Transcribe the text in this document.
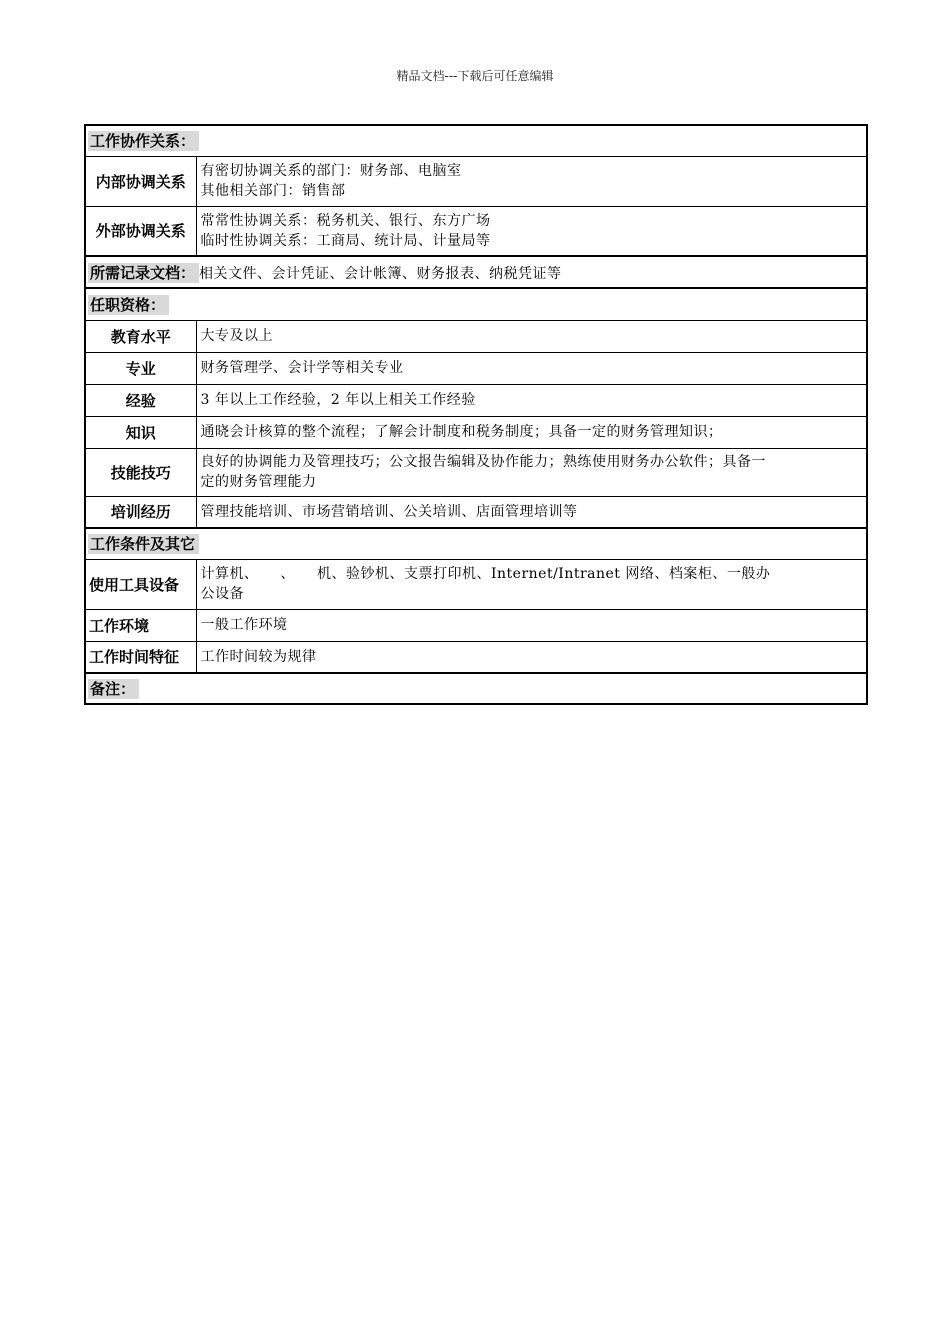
精品文档---下载后可任意编辑
工作协作关系：	
内部协调关系	有密切协调关系的部门：财务部、电脑室
其他相关部门：销售部

外部协调关系	常常性协调关系：税务机关、银行、东方广场
临时性协调关系：工商局、统计局、计量局等

所需记录文档： 相关文件、会计凭证、会计帐簿、财务报表、纳税凭证等	
任职资格：	
教育水平	大专及以上
专业	财务管理学、会计学等相关专业
经验	3 年以上工作经验，2 年以上相关工作经验
知识	通晓会计核算的整个流程；了解会计制度和税务制度；具备一定的财务管理知识；
技能技巧	良好的协调能力及管理技巧；公文报告编辑及协作能力；熟练使用财务办公软件；具备一
定的财务管理能力

培训经历	管理技能培训、市场营销培训、公关培训、店面管理培训等
工作条件及其它	
使用工具设备	计算机、　　、　　机、验钞机、支票打印机、Internet/Intranet 网络、档案柜、一般办
公设备

工作环境	一般工作环境
工作时间特征	工作时间较为规律
备注：	
